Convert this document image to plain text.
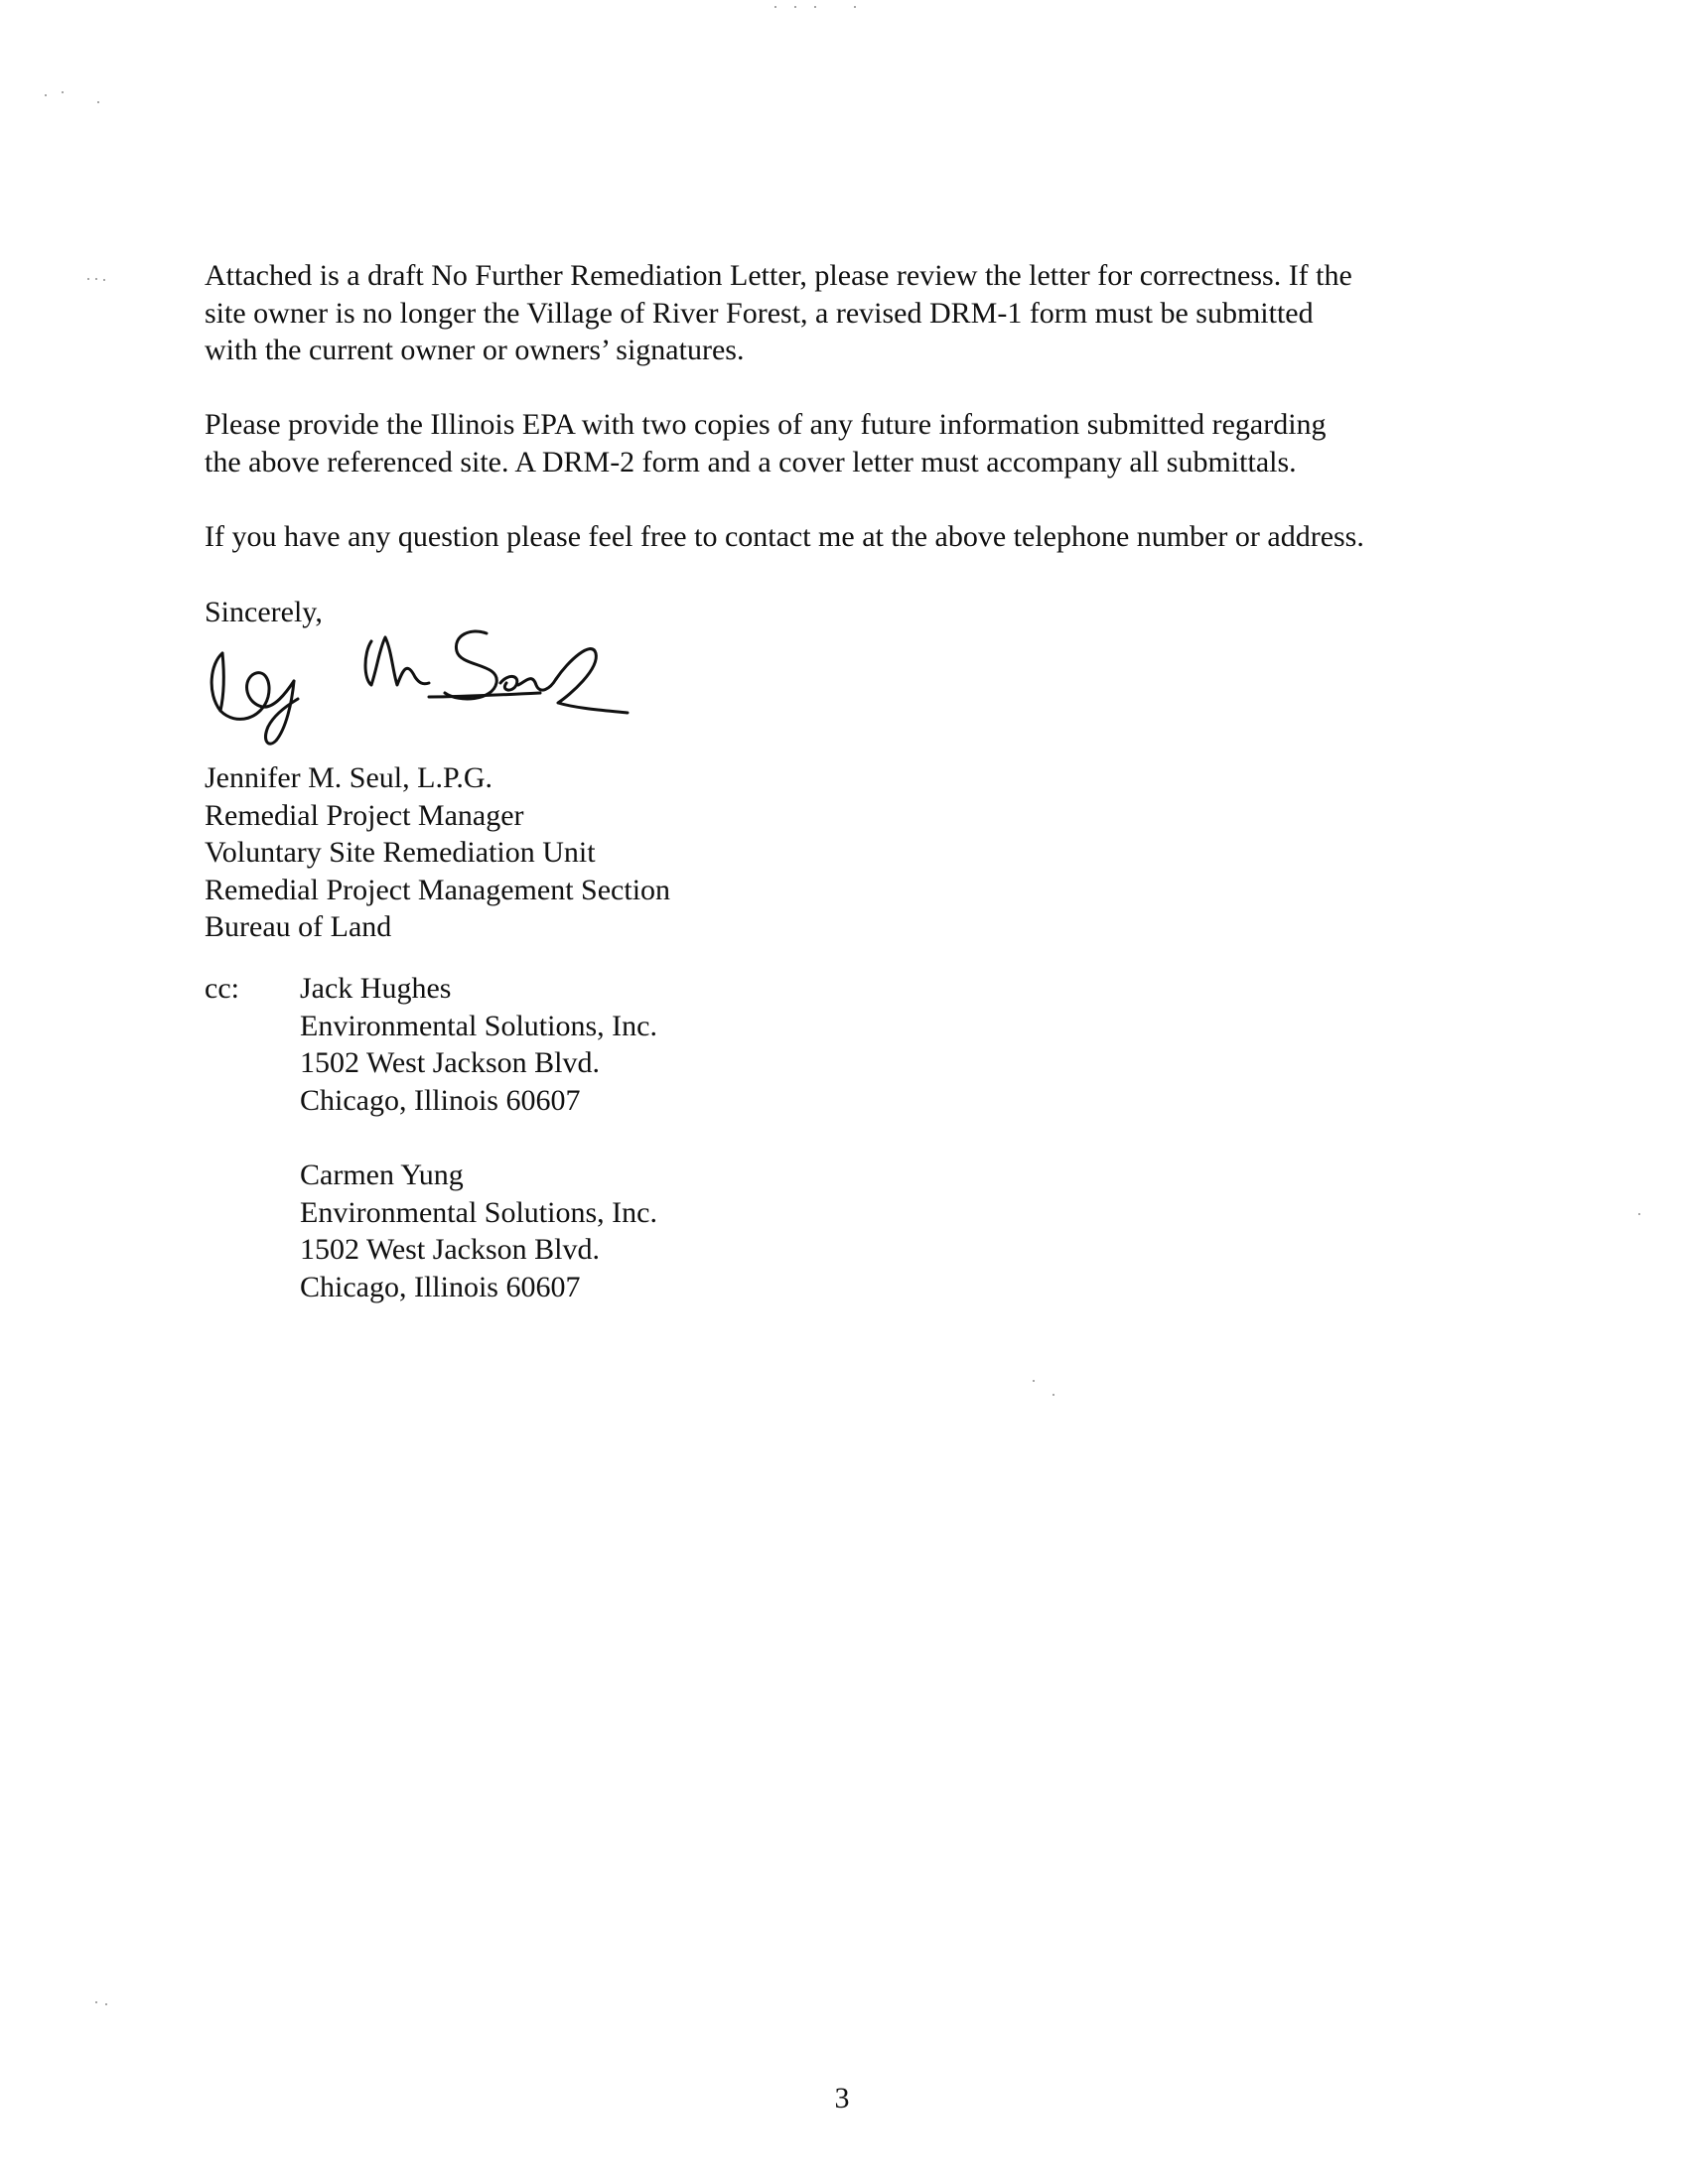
Attached is a draft No Further Remediation Letter, please review the letter for correctness. If the
site owner is no longer the Village of River Forest, a revised DRM-1 form must be submitted
with the current owner or owners’ signatures.

Please provide the Illinois EPA with two copies of any future information submitted regarding
the above referenced site. A DRM-2 form and a cover letter must accompany all submittals.

If you have any question please feel free to contact me at the above telephone number or address.

Sincerely,
Jennifer M. Seul, L.P.G.
Remedial Project Manager
Voluntary Site Remediation Unit
Remedial Project Management Section
Bureau of Land
cc: Jack Hughes
Environmental Solutions, Inc.
1502 West Jackson Blvd.
Chicago, Illinois 60607
Carmen Yung
Environmental Solutions, Inc.
1502 West Jackson Blvd.
Chicago, Illinois 60607
3
